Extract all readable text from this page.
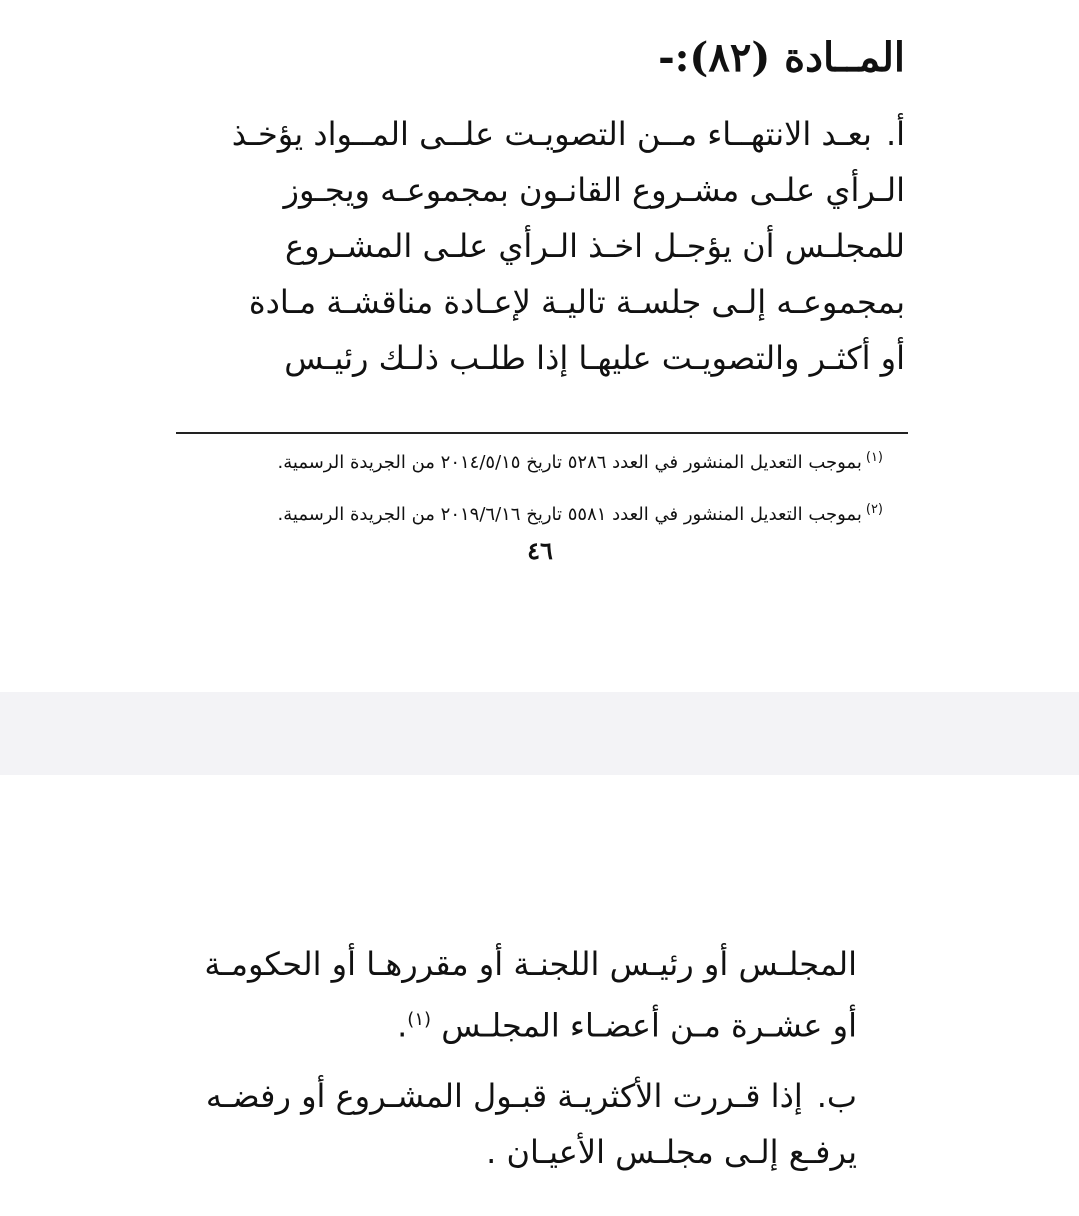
المــادة (٨٢):-
أ.بعـد الانتهــاء مــن التصويـت علــى المــواد يؤخـذ
الـرأي علـى مشـروع القانـون بمجموعـه ويجـوز
للمجلـس أن يؤجـل اخـذ الـرأي علـى المشـروع
بمجموعـه إلـى جلسـة تاليـة لإعـادة مناقشـة مـادة
أو أكثـر والتصويـت عليهـا إذا طلـب ذلـك رئيـس
$^{(١)}$بموجب التعديل المنشور في العدد ٥٢٨٦ تاريخ ٢٠١٤/٥/١٥ من الجريدة الرسمية.
$^{(٢)}$بموجب التعديل المنشور في العدد ٥٥٨١ تاريخ ٢٠١٩/٦/١٦ من الجريدة الرسمية.
٤٦
المجلـس أو رئيـس اللجنـة أو مقررهـا أو الحكومـة
أو عشـرة مـن أعضـاء المجلـس $^{(١)}$.
ب.إذا قـررت الأكثريـة قبـول المشـروع أو رفضـه
يرفـع إلـى مجلـس الأعيـان .
